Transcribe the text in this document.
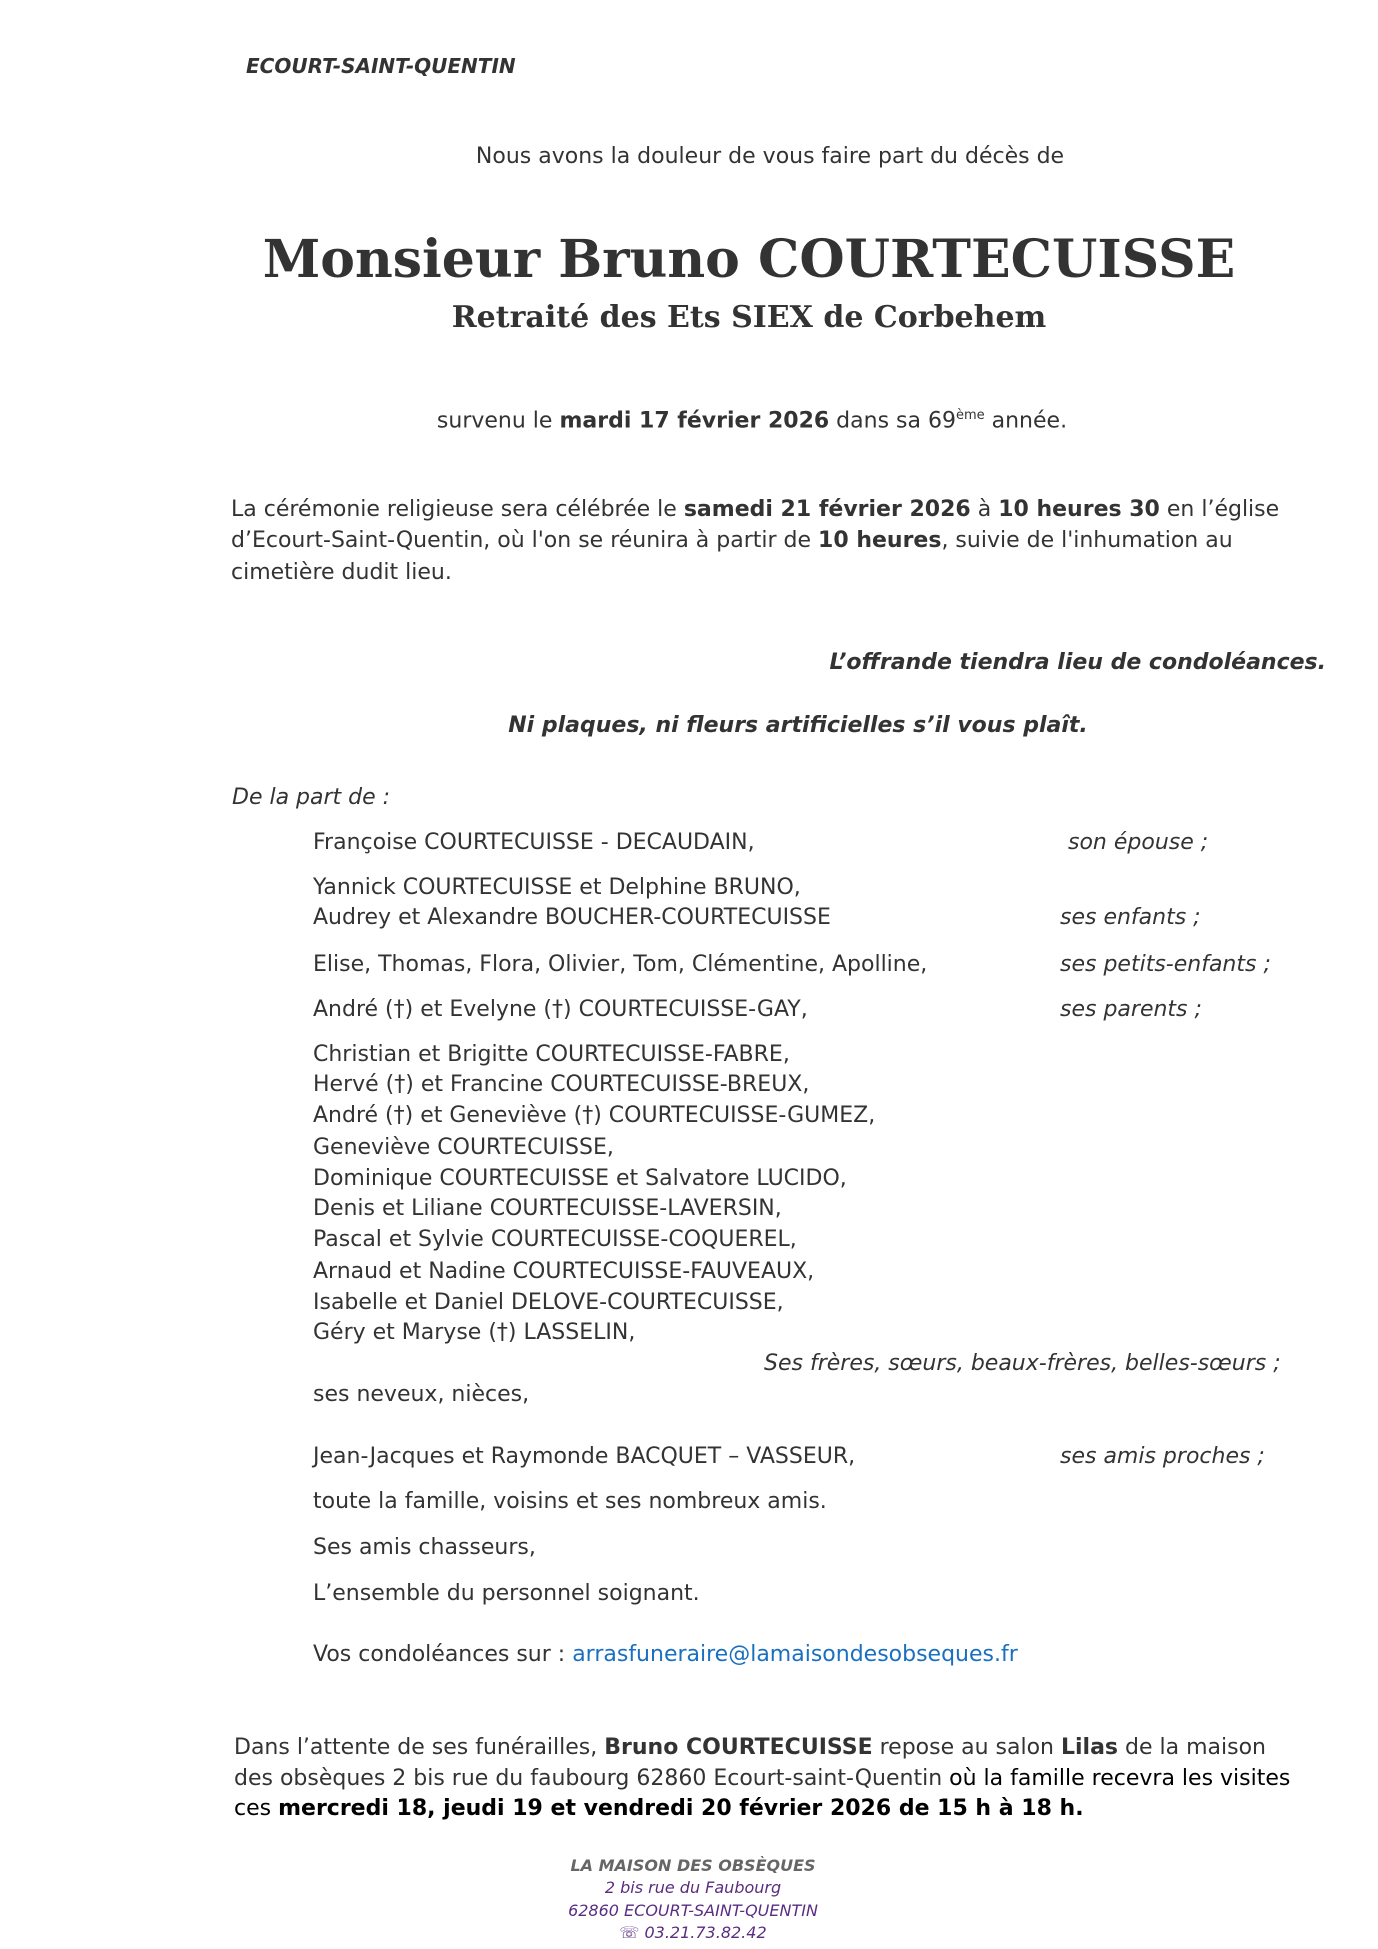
ECOURT-SAINT-QUENTIN
Nous avons la douleur de vous faire part du décès de
Monsieur Bruno COURTECUISSE
Retraité des Ets SIEX de Corbehem
survenu le mardi 17 février 2026 dans sa 69ème année.
La cérémonie religieuse sera célébrée le samedi 21 février 2026 à 10 heures 30 en l’église
d’Ecourt-Saint-Quentin, où l'on se réunira à partir de 10 heures, suivie de l'inhumation au
cimetière dudit lieu.
L’offrande tiendra lieu de condoléances.
Ni plaques, ni fleurs artificielles s’il vous plaît.
De la part de :
Françoise COURTECUISSE - DECAUDAIN,
Yannick COURTECUISSE et Delphine BRUNO,
Audrey et Alexandre BOUCHER-COURTECUISSE
Elise, Thomas, Flora, Olivier, Tom, Clémentine, Apolline,
André (†) et Evelyne (†) COURTECUISSE-GAY,
Christian et Brigitte COURTECUISSE-FABRE,
Hervé (†) et Francine COURTECUISSE-BREUX,
André (†) et Geneviève (†) COURTECUISSE-GUMEZ,
Geneviève COURTECUISSE,
Dominique COURTECUISSE et Salvatore LUCIDO,
Denis et Liliane COURTECUISSE-LAVERSIN,
Pascal et Sylvie COURTECUISSE-COQUEREL,
Arnaud et Nadine COURTECUISSE-FAUVEAUX,
Isabelle et Daniel DELOVE-COURTECUISSE,
Géry et Maryse (†) LASSELIN,
ses neveux, nièces,
Jean-Jacques et Raymonde BACQUET – VASSEUR,
toute la famille, voisins et ses nombreux amis.
Ses amis chasseurs,
L’ensemble du personnel soignant.
son épouse ;
ses enfants ;
ses petits-enfants ;
ses parents ;
Ses frères, sœurs, beaux-frères, belles-sœurs ;
ses amis proches ;
Vos condoléances sur : arrasfuneraire@lamaisondesobseques.fr
Dans l’attente de ses funérailles, Bruno COURTECUISSE repose au salon Lilas de la maison
des obsèques 2 bis rue du faubourg 62860 Ecourt-saint-Quentin où la famille recevra les visites
ces mercredi 18, jeudi 19 et vendredi 20 février 2026 de 15 h à 18 h.
LA MAISON DES OBSÈQUES
2 bis rue du Faubourg
62860 ECOURT-SAINT-QUENTIN
☏ 03.21.73.82.42
